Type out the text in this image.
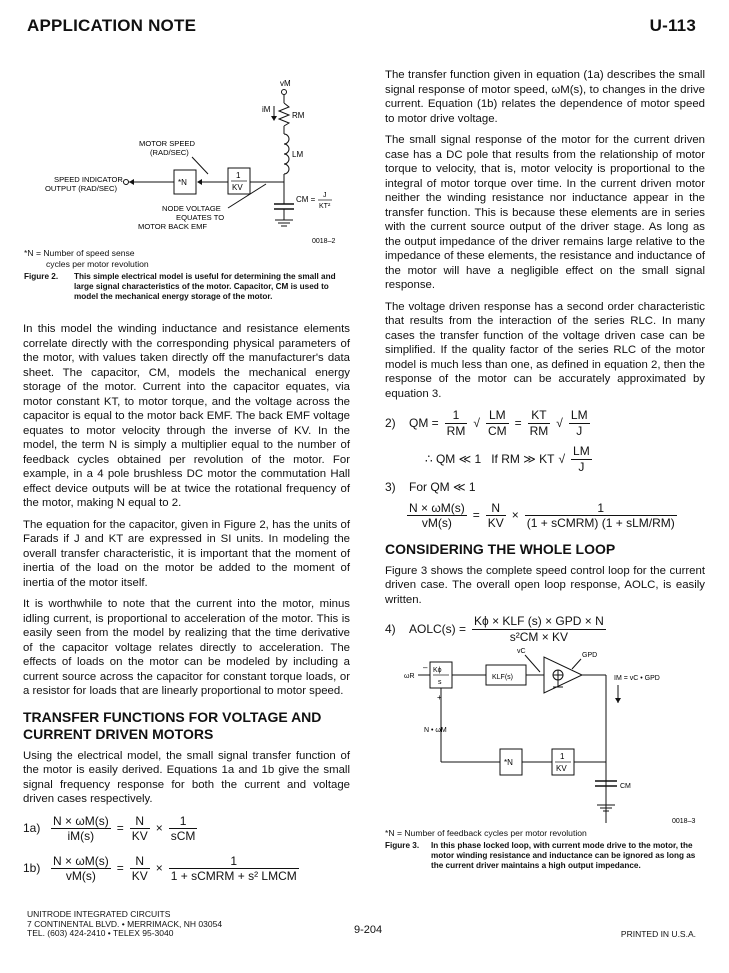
APPLICATION NOTE	U-113
vM
iM
RM
LM
CM = J
KT²
1
KV
*N
MOTOR SPEED
(RAD/SEC)
SPEED INDICATOR
OUTPUT (RAD/SEC)
NODE VOLTAGE
EQUATES TO
MOTOR BACK EMF
0018–2
*N = Number of speed sense
cycles per motor revolution
Figure 2.	This simple electrical model is useful for determining the small and large signal characteristics of the motor. Capacitor, CM is used to model the mechanical energy storage of the motor.

In this model the winding inductance and resistance elements correlate directly with the corresponding physical parameters of the motor, with values taken directly off the manufacturer's data sheet. The capacitor, CM, models the mechanical energy storage of the motor. Current into the capacitor equates, via motor constant KT, to motor torque, and the voltage across the capacitor is equal to the motor back EMF. The back EMF voltage equates to motor velocity through the inverse of KV. In the model, the term N is simply a multiplier equal to the number of feedback cycles obtained per revolution of the motor. For example, in a 4 pole brushless DC motor the commutation Hall effect device outputs will be at twice the rotational frequency of the motor, making N equal to 2.

The equation for the capacitor, given in Figure 2, has the units of Farads if J and KT are expressed in SI units. In modeling the overall transfer characteristic, it is important that the moment of inertia of the load on the motor be added to the moment of inertia of the motor itself.

It is worthwhile to note that the current into the motor, minus idling current, is proportional to acceleration of the motor. This is easily seen from the model by realizing that the time derivative of the capacitor voltage relates directly to acceleration. The effects of loads on the motor can be modeled by including a current source across the capacitor for constant torque loads, or a resistor for loads that are linearly proportional to motor speed.

TRANSFER FUNCTIONS FOR VOLTAGE AND CURRENT DRIVEN MOTORS

Using the electrical model, the small signal transfer function of the motor is easily derived. Equations 1a and 1b give the small signal frequency response for both the current and voltage driven cases respectively.

$1a) \frac{N \times \omega M(s)}{iM(s)} = \frac{N}{KV} \times \frac{1}{\text{sCM}}$
$1b) \frac{N \times \omega M(s)}{vM(s)} = \frac{N}{KV} \times \frac{1}{\text{1 + sCMRM + s² LMCM}}$

The transfer function given in equation (1a) describes the small signal response of motor speed, ωM(s), to changes in the drive current. Equation (1b) relates the dependence of motor speed to motor drive voltage.

The small signal response of the motor for the current driven case has a DC pole that results from the relationship of motor torque to velocity, that is, motor velocity is proportional to the integral of motor torque over time. In the current driven motor neither the winding resistance nor inductance appear in the transfer function. This is because these elements are in series with the current source output of the driver stage. As long as the output impedance of the driver remains large relative to the impedance of these elements, the resistance and inductance of the motor will have a negligible effect on the small signal response.

The voltage driven response has a second order characteristic that results from the interaction of the series RLC. In many cases the transfer function of the voltage driven case can be simplified. If the quality factor of the series RLC of the motor model is much less than one, as defined in equation 2, then the response of the motor can be accurately approximated by equation 3.

2)	QM = $\frac{1}{RM}$ √ $\frac{LM}{CM} = \frac{KT}{RM}$ √ $\frac{LM}{J}$
∴ QM ≪ 1   If RM ≫ KT √ $\frac{LM}{J}$
3)	For QM ≪ 1
$\frac{N \times \omega M(s)}{vM(s)} = \frac{N}{KV} \times \frac{1}{\text{(1 + sCMRM) (1 + sLM/RM)}}$
CONSIDERING THE WHOLE LOOP

Figure 3 shows the complete speed control loop for the current driven case. The overall open loop response, AOLC, is easily written.

4)	AOLC(s) = $\frac{\text{Kϕ × KLF (s) × GPD × N}}{\text{s²CM × KV}}$
vC
GPD
ωR
– Kϕ
s
KLF(s)	IM = vC • GPD
+
N • ωM
*N
1
KV
CM
0018–3
*N = Number of feedback cycles per motor revolution
Figure 3.	In this phase locked loop, with current mode drive to the motor, the motor winding resistance and inductance can be ignored as long as the current driver maintains a high output impedance.
UNITRODE INTEGRATED CIRCUITS
7 CONTINENTAL BLVD. • MERRIMACK, NH 03054
TEL. (603) 424-2410 • TELEX 95-3040	9-204	PRINTED IN U.S.A.
